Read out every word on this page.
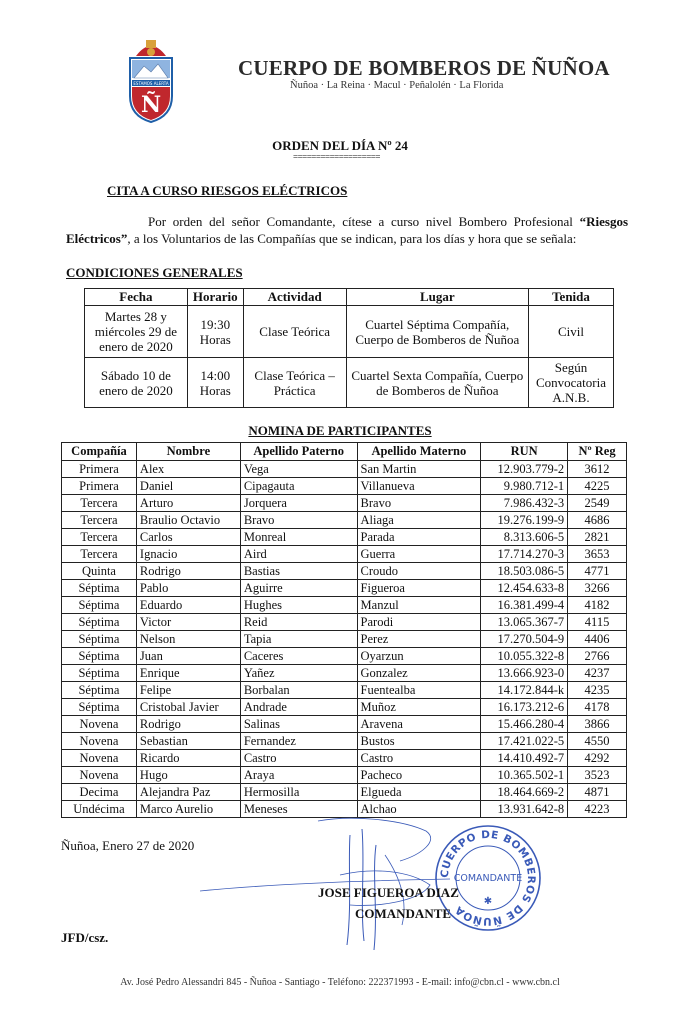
ESTAMOS ALERTA
Ñ
CUERPO DE BOMBEROS DE ÑUÑOA
Ñuñoa · La Reina · Macul · Peñalolén · La Florida
ORDEN DEL DÍA Nº 24
===================
CITA A CURSO RIESGOS ELÉCTRICOS
Por orden del señor Comandante, cítese a curso nivel Bombero Profesional “Riesgos Eléctricos”, a los Voluntarios de las Compañías que se indican, para los días y hora que se señala:
CONDICIONES GENERALES
Fecha	Horario	Actividad	Lugar	Tenida
Martes 28 y miércoles 29 de enero de 2020	19:30 Horas	Clase Teórica	Cuartel Séptima Compañía, Cuerpo de Bomberos de Ñuñoa	Civil
Sábado 10 de enero de 2020	14:00 Horas	Clase Teórica – Práctica	Cuartel Sexta Compañía, Cuerpo de Bomberos de Ñuñoa	Según Convocatoria A.N.B.
NOMINA DE PARTICIPANTES
Compañía	Nombre	Apellido Paterno	Apellido Materno	RUN	Nº Reg
Primera	Alex	Vega	San Martin	12.903.779-2	3612
Primera	Daniel	Cipagauta	Villanueva	9.980.712-1	4225
Tercera	Arturo	Jorquera	Bravo	7.986.432-3	2549
Tercera	Braulio Octavio	Bravo	Aliaga	19.276.199-9	4686
Tercera	Carlos	Monreal	Parada	8.313.606-5	2821
Tercera	Ignacio	Aird	Guerra	17.714.270-3	3653
Quinta	Rodrigo	Bastias	Croudo	18.503.086-5	4771
Séptima	Pablo	Aguirre	Figueroa	12.454.633-8	3266
Séptima	Eduardo	Hughes	Manzul	16.381.499-4	4182
Séptima	Victor	Reid	Parodi	13.065.367-7	4115
Séptima	Nelson	Tapia	Perez	17.270.504-9	4406
Séptima	Juan	Caceres	Oyarzun	10.055.322-8	2766
Séptima	Enrique	Yañez	Gonzalez	13.666.923-0	4237
Séptima	Felipe	Borbalan	Fuentealba	14.172.844-k	4235
Séptima	Cristobal Javier	Andrade	Muñoz	16.173.212-6	4178
Novena	Rodrigo	Salinas	Aravena	15.466.280-4	3866
Novena	Sebastian	Fernandez	Bustos	17.421.022-5	4550
Novena	Ricardo	Castro	Castro	14.410.492-7	4292
Novena	Hugo	Araya	Pacheco	10.365.502-1	3523
Decima	Alejandra Paz	Hermosilla	Elgueda	18.464.669-2	4871
Undécima	Marco Aurelio	Meneses	Alchao	13.931.642-8	4223
CUERPO DE BOMBEROS DE ÑUÑOA
COMANDANTE
✱
Ñuñoa, Enero 27 de 2020
JOSE FIGUEROA DIAZ
COMANDANTE
JFD/csz.
Av. José Pedro Alessandri 845 - Ñuñoa - Santiago - Teléfono: 222371993 - E-mail: info@cbn.cl - www.cbn.cl
